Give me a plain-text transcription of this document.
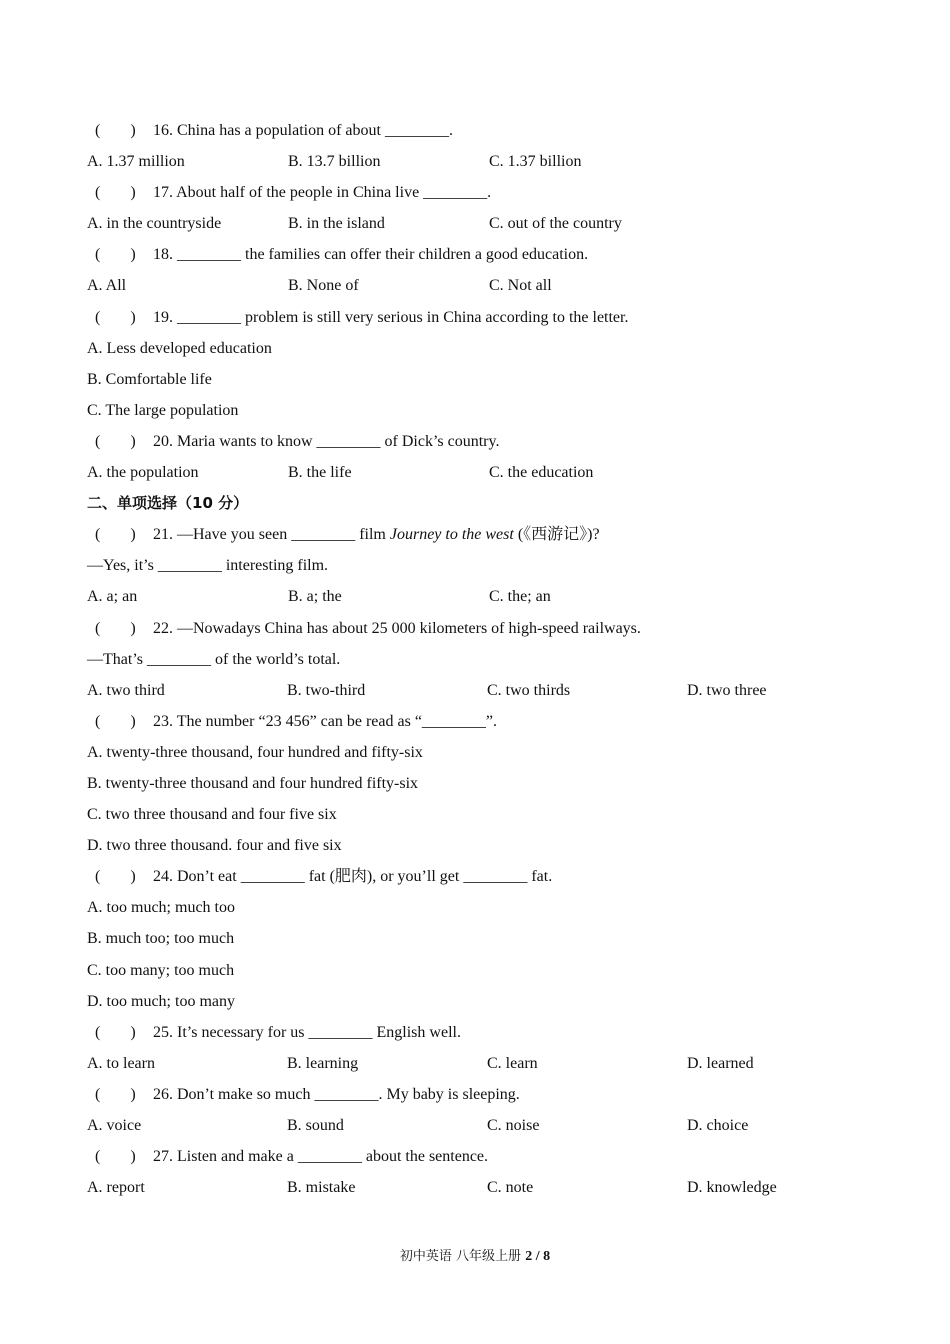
( ) 16. China has a population of about ________.
A. 1.37 million	B. 13.7 billion	C. 1.37 billion
( ) 17. About half of the people in China live ________.
A. in the countryside	B. in the island	C. out of the country
( ) 18. ________ the families can offer their children a good education.
A. All	B. None of	C. Not all
( ) 19. ________ problem is still very serious in China according to the letter.
A. Less developed education
B. Comfortable life
C. The large population
( ) 20. Maria wants to know ________ of Dick’s country.
A. the population	B. the life	C. the education
二、单项选择（10 分）
( ) 21. —Have you seen ________ film Journey to the west (《西游记》)?
—Yes, it’s ________ interesting film.
A. a; an	B. a; the	C. the; an
( ) 22. —Nowadays China has about 25 000 kilometers of high-speed railways.
—That’s ________ of the world’s total.
A. two third	B. two-third	C. two thirds	D. two three
( ) 23. The number “23 456” can be read as “________”.
A. twenty-three thousand, four hundred and fifty-six
B. twenty-three thousand and four hundred fifty-six
C. two three thousand and four five six
D. two three thousand. four and five six
( ) 24. Don’t eat ________ fat (肥肉), or you’ll get ________ fat.
A. too much; much too
B. much too; too much
C. too many; too much
D. too much; too many
( ) 25. It’s necessary for us ________ English well.
A. to learn	B. learning	C. learn	D. learned
( ) 26. Don’t make so much ________. My baby is sleeping.
A. voice	B. sound	C. noise	D. choice
( ) 27. Listen and make a ________ about the sentence.
A. report	B. mistake	C. note	D. knowledge
初中英语 八年级上册 2 / 8
